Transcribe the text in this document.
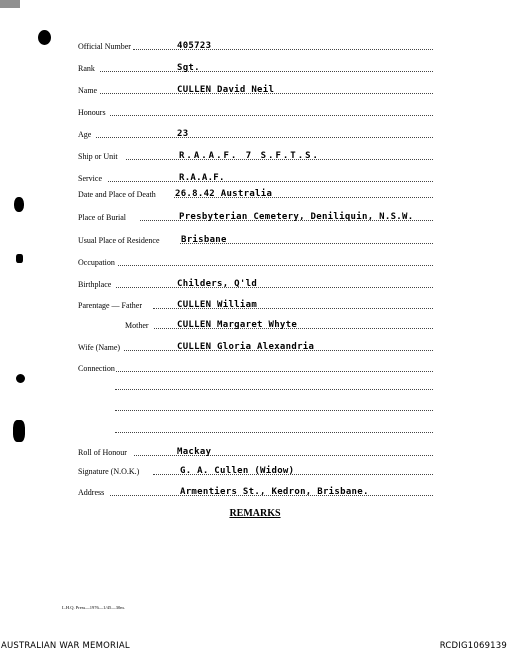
Official Number	405723
Rank	Sgt.
Name	CULLEN David Neil
Honours
Age	23
Ship or Unit	R.A.A.F. 7 S.F.T.S.
Service	R.A.A.F.
Date and Place of Death 26.8.42 Australia
Place of Burial	Presbyterian Cemetery, Deniliquin, N.S.W.
Usual Place of Residence Brisbane
Occupation
Birthplace	Childers, Q'ld
Parentage — Father	CULLEN William
Mother	CULLEN Margaret Whyte
Wife (Name)	CULLEN Gloria Alexandria
Connection
Roll of Honour	Mackay
Signature (N.O.K.)	G. A. Cullen (Widow)
Address	Armentiers St., Kedron, Brisbane.
REMARKS
L.H.Q. Press—1976—1/45—30m.
AUSTRALIAN WAR MEMORIAL	RCDIG1069139
